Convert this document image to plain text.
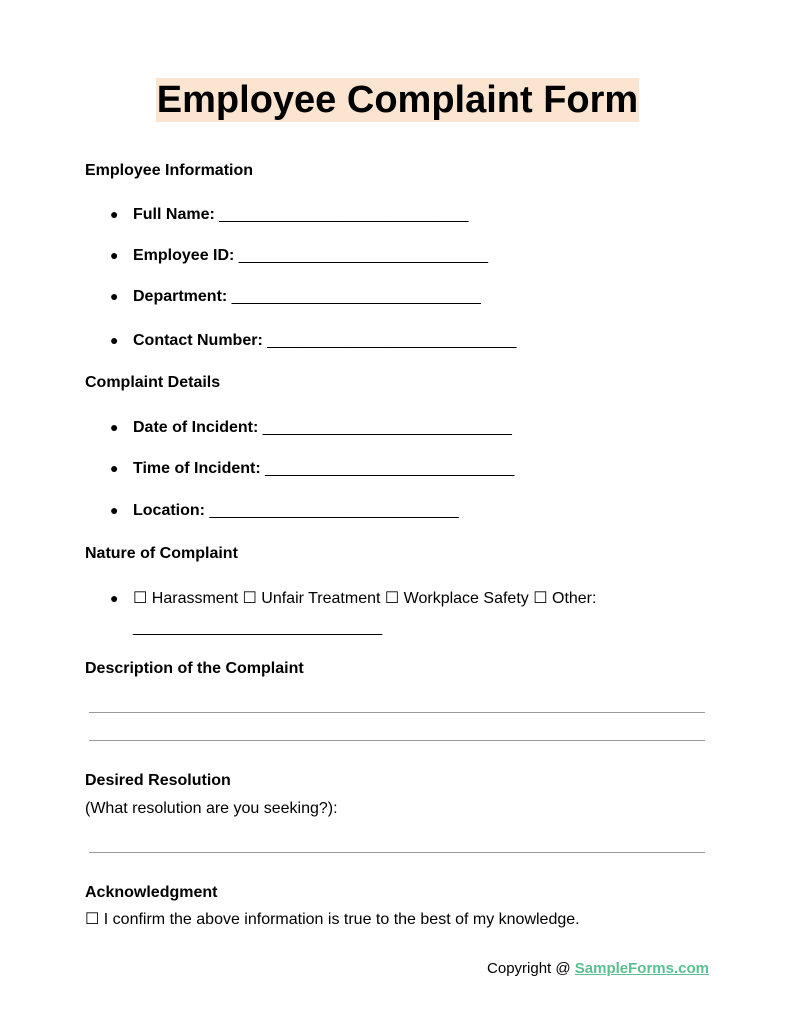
Employee Complaint Form
Employee Information
● Full Name: ____________________________
● Employee ID: ____________________________
● Department: ____________________________
● Contact Number: ____________________________
Complaint Details
● Date of Incident: ____________________________
● Time of Incident: ____________________________
● Location: ____________________________
Nature of Complaint
● ☐ Harassment ☐ Unfair Treatment ☐ Workplace Safety ☐ Other:
____________________________
Description of the Complaint
Desired Resolution
(What resolution are you seeking?):
Acknowledgment
☐ I confirm the above information is true to the best of my knowledge.
Copyright @ SampleForms.com
